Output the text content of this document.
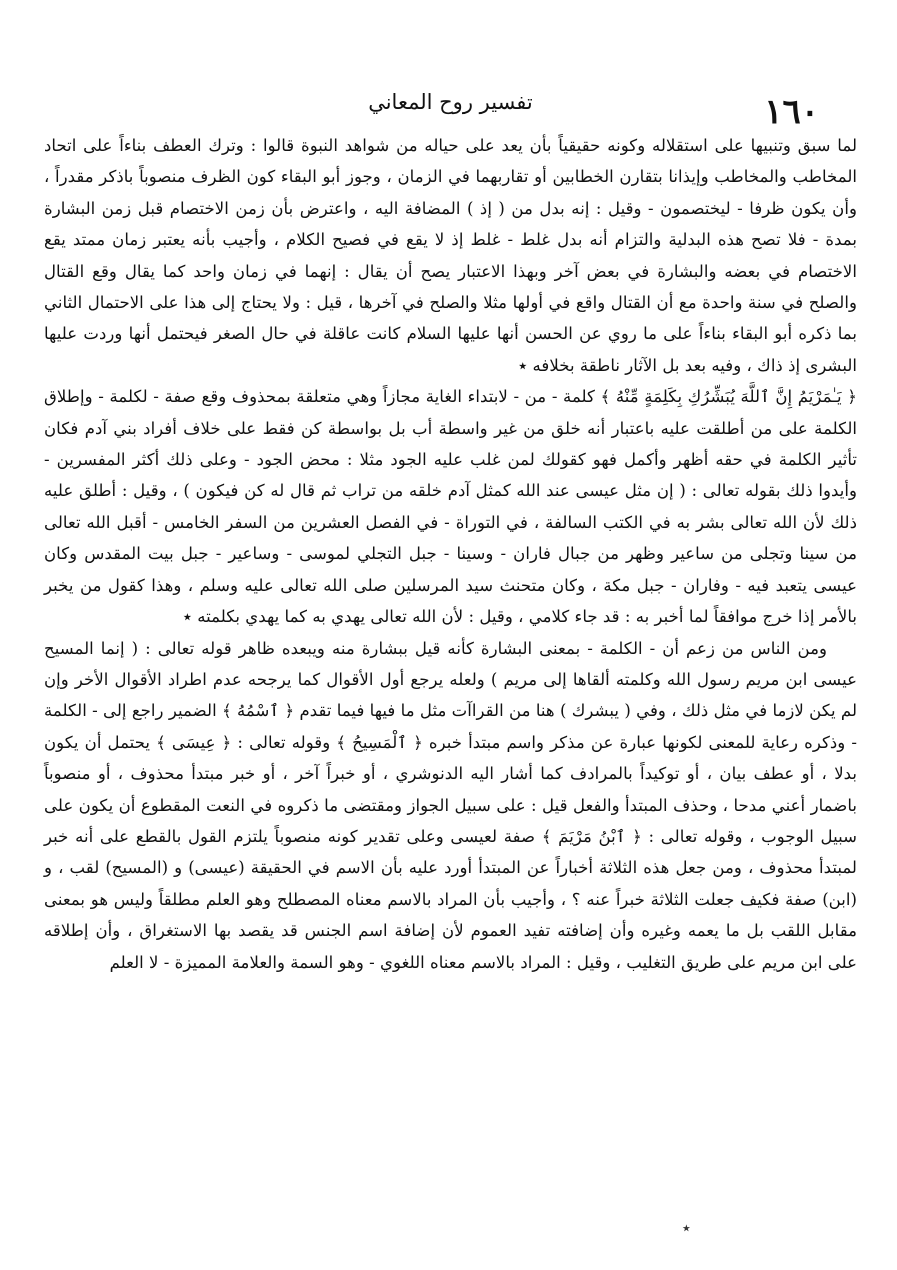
١٦٠
تفسير روح المعاني

لما سبق وتنبيها على استقلاله وكونه حقيقياً بأن يعد على حياله من شواهد النبوة قالوا : وترك العطف بناءاً على اتحاد المخاطب والمخاطب وإيذانا بتقارن الخطابين أو تقاربهما في الزمان ، وجوز أبو البقاء كون الظرف منصوباً باذكر مقدراً ، وأن يكون ظرفا - ليختصمون - وقيل : إنه بدل من ( إذ ) المضافة اليه ، واعترض بأن زمن الاختصام قبل زمن البشارة بمدة - فلا تصح هذه البدلية والتزام أنه بدل غلط - غلط إذ لا يقع في فصيح الكلام ، وأجيب بأنه يعتبر زمان ممتد يقع الاختصام في بعضه والبشارة في بعض آخر وبهذا الاعتبار يصح أن يقال : إنهما في زمان واحد كما يقال وقع القتال والصلح في سنة واحدة مع أن القتال واقع في أولها مثلا والصلح في آخرها ، قيل : ولا يحتاج إلى هذا على الاحتمال الثاني بما ذكره أبو البقاء بناءاً على ما روي عن الحسن أنها عليها السلام كانت عاقلة في حال الصغر فيحتمل أنها وردت عليها البشرى إذ ذاك ، وفيه بعد بل الآثار ناطقة بخلافه ٭

﴿ يَـٰمَرْيَمُ إِنَّ ٱللَّهَ يُبَشِّرُكِ بِكَلِمَةٍ مِّنْهُ ﴾ كلمة - من - لابتداء الغاية مجازاً وهي متعلقة بمحذوف وقع صفة - لكلمة - وإطلاق الكلمة على من أطلقت عليه باعتبار أنه خلق من غير واسطة أب بل بواسطة كن فقط على خلاف أفراد بني آدم فكان تأثير الكلمة في حقه أظهر وأكمل فهو كقولك لمن غلب عليه الجود مثلا : محض الجود - وعلى ذلك أكثر المفسرين - وأيدوا ذلك بقوله تعالى : ( إن مثل عيسى عند الله كمثل آدم خلقه من تراب ثم قال له كن فيكون ) ، وقيل : أطلق عليه ذلك لأن الله تعالى بشر به في الكتب السالفة ، في التوراة - في الفصل العشرين من السفر الخامس - أقبل الله تعالى من سينا وتجلى من ساعير وظهر من جبال فاران - وسينا - جبل التجلي لموسى - وساعير - جبل بيت المقدس وكان عيسى يتعبد فيه - وفاران - جبل مكة ، وكان متحنث سيد المرسلين صلى الله تعالى عليه وسلم ، وهذا كقول من يخبر بالأمر إذا خرج موافقاً لما أخبر به : قد جاء كلامي ، وقيل : لأن الله تعالى يهدي به كما يهدي بكلمته ٭

ومن الناس من زعم أن - الكلمة - بمعنى البشارة كأنه قيل ببشارة منه ويبعده ظاهر قوله تعالى : ( إنما المسيح عيسى ابن مريم رسول الله وكلمته ألقاها إلى مريم ) ولعله يرجع أول الأقوال كما يرجحه عدم اطراد الأقوال الأخر وإن لم يكن لازما في مثل ذلك ، وفي ( يبشرك ) هنا من القراآت مثل ما فيها فيما تقدم ﴿ ٱسْمُهُ ﴾ الضمير راجع إلى - الكلمة - وذكره رعاية للمعنى لكونها عبارة عن مذكر واسم مبتدأ خبره ﴿ ٱلْمَسِيحُ ﴾ وقوله تعالى : ﴿ عِيسَى ﴾ يحتمل أن يكون بدلا ، أو عطف بيان ، أو توكيداً بالمرادف كما أشار اليه الدنوشري ، أو خبراً آخر ، أو خبر مبتدأ محذوف ، أو منصوباً باضمار أعني مدحا ، وحذف المبتدأ والفعل قيل : على سبيل الجواز ومقتضى ما ذكروه في النعت المقطوع أن يكون على سبيل الوجوب ، وقوله تعالى : ﴿ ٱبْنُ مَرْيَمَ ﴾ صفة لعيسى وعلى تقدير كونه منصوباً يلتزم القول بالقطع على أنه خبر لمبتدأ محذوف ، ومن جعل هذه الثلاثة أخباراً عن المبتدأ أورد عليه بأن الاسم في الحقيقة (عيسى) و (المسيح) لقب ، و (ابن) صفة فكيف جعلت الثلاثة خبراً عنه ؟ ، وأجيب بأن المراد بالاسم معناه المصطلح وهو العلم مطلقاً وليس هو بمعنى مقابل اللقب بل ما يعمه وغيره وأن إضافته تفيد العموم لأن إضافة اسم الجنس قد يقصد بها الاستغراق ، وأن إطلاقه على ابن مريم على طريق التغليب ، وقيل : المراد بالاسم معناه اللغوي - وهو السمة والعلامة المميزة - لا العلم

٭
